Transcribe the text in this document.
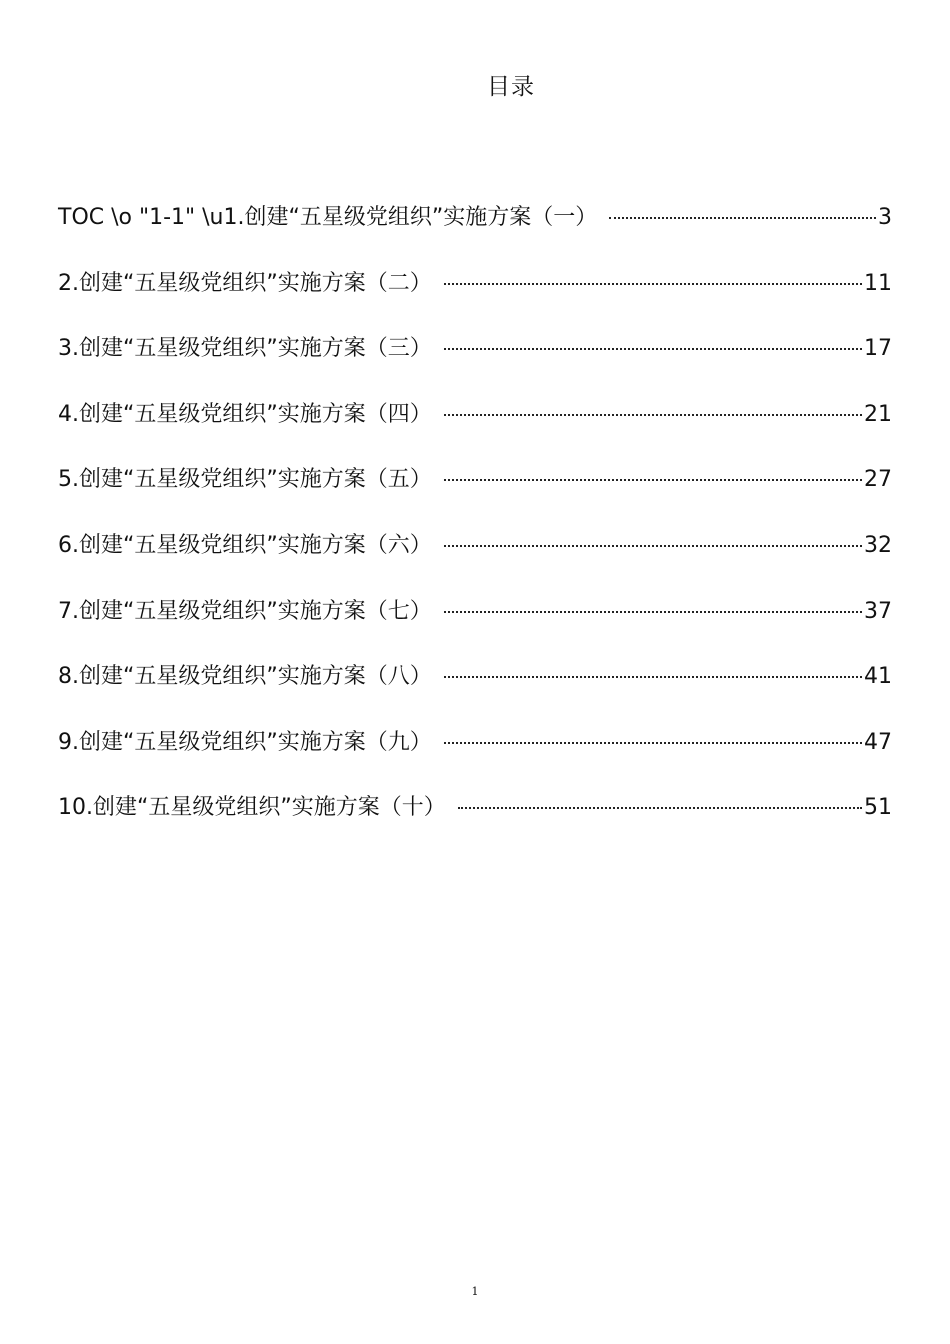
目录
TOC \o "1-1" \u1.创建“五星级党组织”实施方案（一）	3
2.创建“五星级党组织”实施方案（二）	11
3.创建“五星级党组织”实施方案（三）	17
4.创建“五星级党组织”实施方案（四）	21
5.创建“五星级党组织”实施方案（五）	27
6.创建“五星级党组织”实施方案（六）	32
7.创建“五星级党组织”实施方案（七）	37
8.创建“五星级党组织”实施方案（八）	41
9.创建“五星级党组织”实施方案（九）	47
10.创建“五星级党组织”实施方案（十）	51
1
